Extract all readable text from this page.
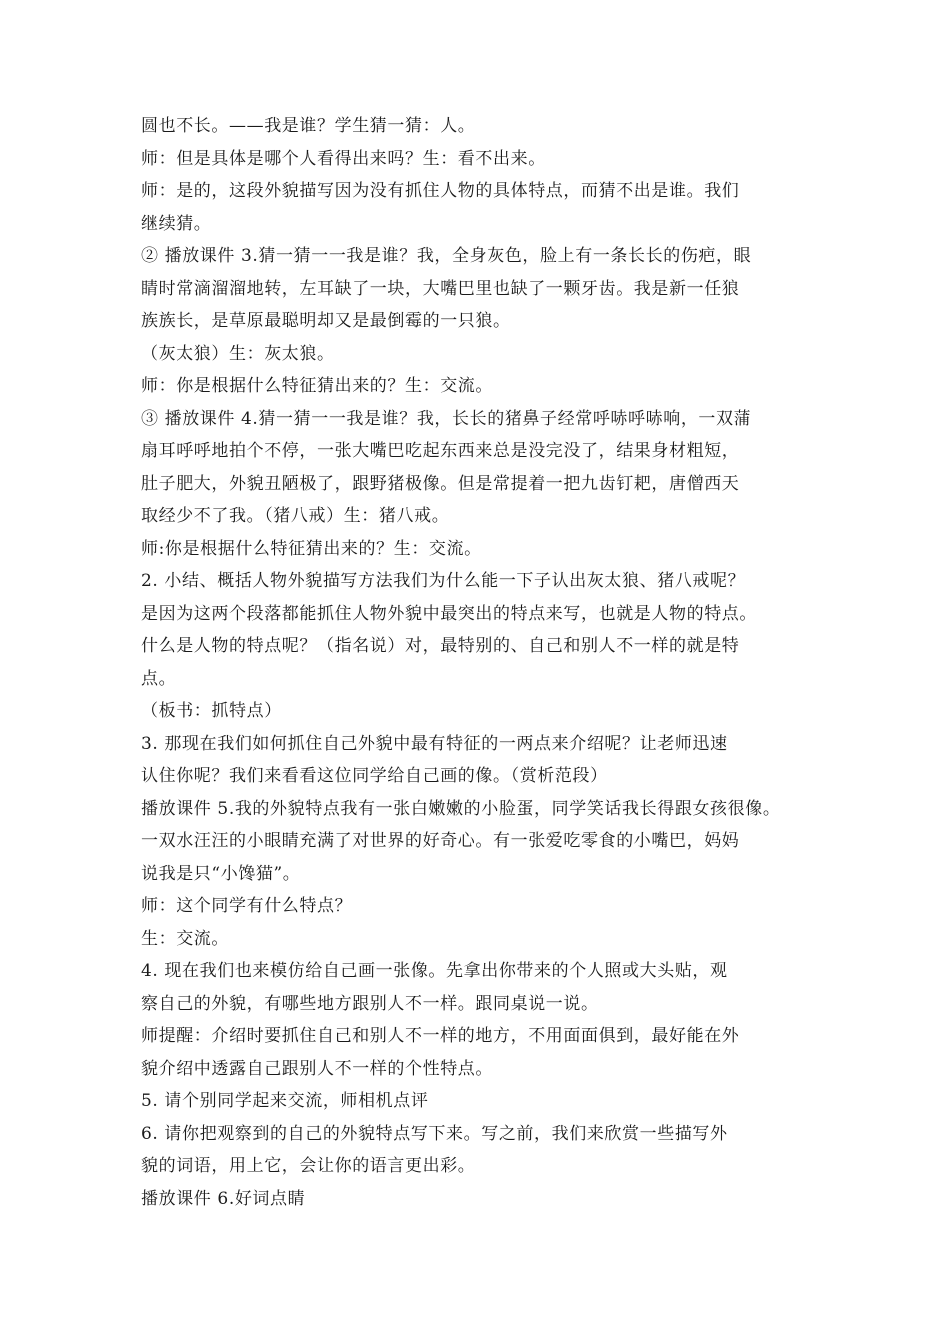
圆也不长。——我是谁？学生猜一猜：人。
师：但是具体是哪个人看得出来吗？生：看不出来。
师：是的，这段外貌描写因为没有抓住人物的具体特点，而猜不出是谁。我们
继续猜。
② 播放课件 3.猜一猜一一我是谁？我，全身灰色，脸上有一条长长的伤疤，眼
睛时常滴溜溜地转，左耳缺了一块，大嘴巴里也缺了一颗牙齿。我是新一任狼
族族长，是草原最聪明却又是最倒霉的一只狼。
（灰太狼）生：灰太狼。
师：你是根据什么特征猜出来的？生：交流。
③ 播放课件 4.猜一猜一一我是谁？我，长长的猪鼻子经常呼哧呼哧响，一双蒲
扇耳呼呼地拍个不停，一张大嘴巴吃起东西来总是没完没了，结果身材粗短，
肚子肥大，外貌丑陋极了，跟野猪极像。但是常提着一把九齿钉耙，唐僧西天
取经少不了我。（猪八戒）生：猪八戒。
师:你是根据什么特征猜出来的？生：交流。
2. 小结、概括人物外貌描写方法我们为什么能一下子认出灰太狼、猪八戒呢？
是因为这两个段落都能抓住人物外貌中最突出的特点来写，也就是人物的特点。
什么是人物的特点呢？（指名说）对，最特别的、自己和别人不一样的就是特
点。
（板书：抓特点）
3. 那现在我们如何抓住自己外貌中最有特征的一两点来介绍呢？让老师迅速
认住你呢？我们来看看这位同学给自己画的像。（赏析范段）
播放课件 5.我的外貌特点我有一张白嫩嫩的小脸蛋，同学笑话我长得跟女孩很像。
一双水汪汪的小眼睛充满了对世界的好奇心。有一张爱吃零食的小嘴巴，妈妈
说我是只“小馋猫”。
师：这个同学有什么特点？
生：交流。
4. 现在我们也来模仿给自己画一张像。先拿出你带来的个人照或大头贴，观
察自己的外貌，有哪些地方跟别人不一样。跟同桌说一说。
师提醒：介绍时要抓住自己和别人不一样的地方，不用面面俱到，最好能在外
貌介绍中透露自己跟别人不一样的个性特点。
5. 请个别同学起来交流，师相机点评
6. 请你把观察到的自己的外貌特点写下来。写之前，我们来欣赏一些描写外
貌的词语，用上它，会让你的语言更出彩。
播放课件 6.好词点睛
